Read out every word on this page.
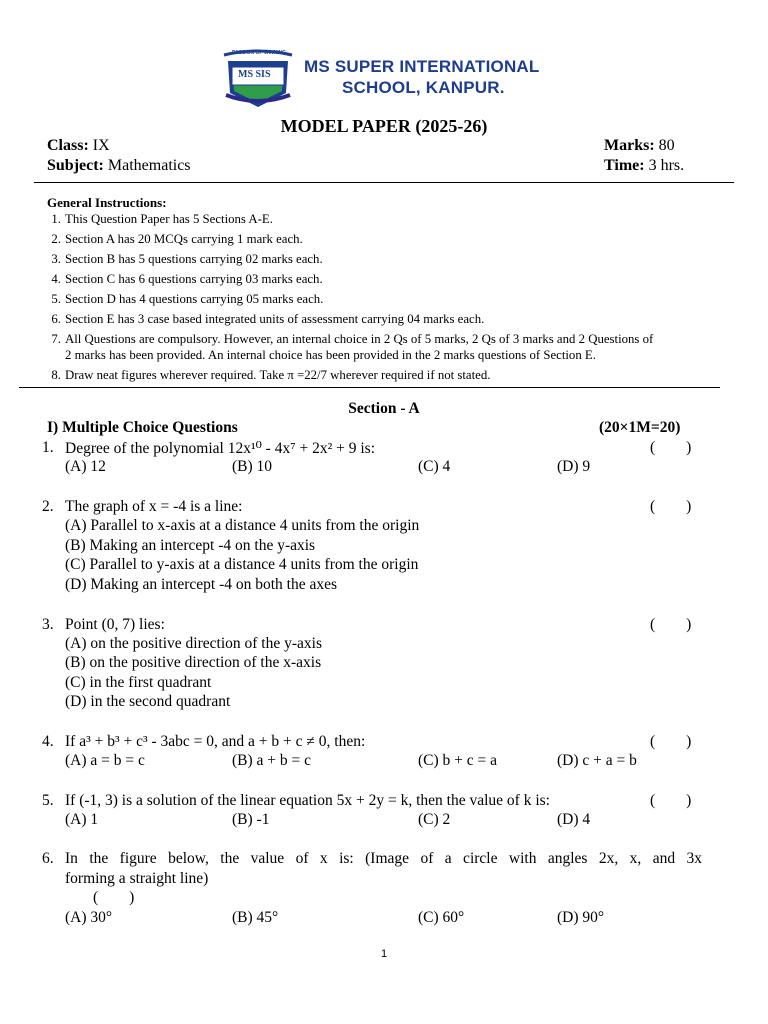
PASSION OF WINNING
MS SIS MS SUPER INTERNATIONAL
SCHOOL, KANPUR.
MODEL PAPER (2025-26)
Class: IX
Subject: Mathematics
Marks: 80
Time: 3 hrs.
General Instructions:
1. This Question Paper has 5 Sections A-E.
2. Section A has 20 MCQs carrying 1 mark each.
3. Section B has 5 questions carrying 02 marks each.
4. Section C has 6 questions carrying 03 marks each.
5. Section D has 4 questions carrying 05 marks each.
6. Section E has 3 case based integrated units of assessment carrying 04 marks each.
7. All Questions are compulsory. However, an internal choice in 2 Qs of 5 marks, 2 Qs of 3 marks and 2 Questions of
2 marks has been provided. An internal choice has been provided in the 2 marks questions of Section E.
8. Draw neat figures wherever required. Take π =22/7 wherever required if not stated.
Section - A
I) Multiple Choice Questions	(20×1M=20)
1. Degree of the polynomial 12x¹⁰ - 4x⁷ + 2x² + 9 is:	(        )
(A) 12	(B) 10	(C) 4	(D) 9
2. The graph of x = -4 is a line:	(        )
(A) Parallel to x-axis at a distance 4 units from the origin
(B) Making an intercept -4 on the y-axis
(C) Parallel to y-axis at a distance 4 units from the origin
(D) Making an intercept -4 on both the axes
3. Point (0, 7) lies:	(        )
(A) on the positive direction of the y-axis
(B) on the positive direction of the x-axis
(C) in the first quadrant
(D) in the second quadrant
4. If a³ + b³ + c³ - 3abc = 0, and a + b + c ≠ 0, then:	(        )
(A) a = b = c	(B) a + b = c	(C) b + c = a	(D) c + a = b
5. If (-1, 3) is a solution of the linear equation 5x + 2y = k, then the value of k is:	(        )
(A) 1	(B) -1	(C) 2	(D) 4
6. In the figure below, the value of x is: (Image of a circle with angles 2x, x, and 3x
forming a straight line)
(        )
(A) 30°	(B) 45°	(C) 60°	(D) 90°
1
